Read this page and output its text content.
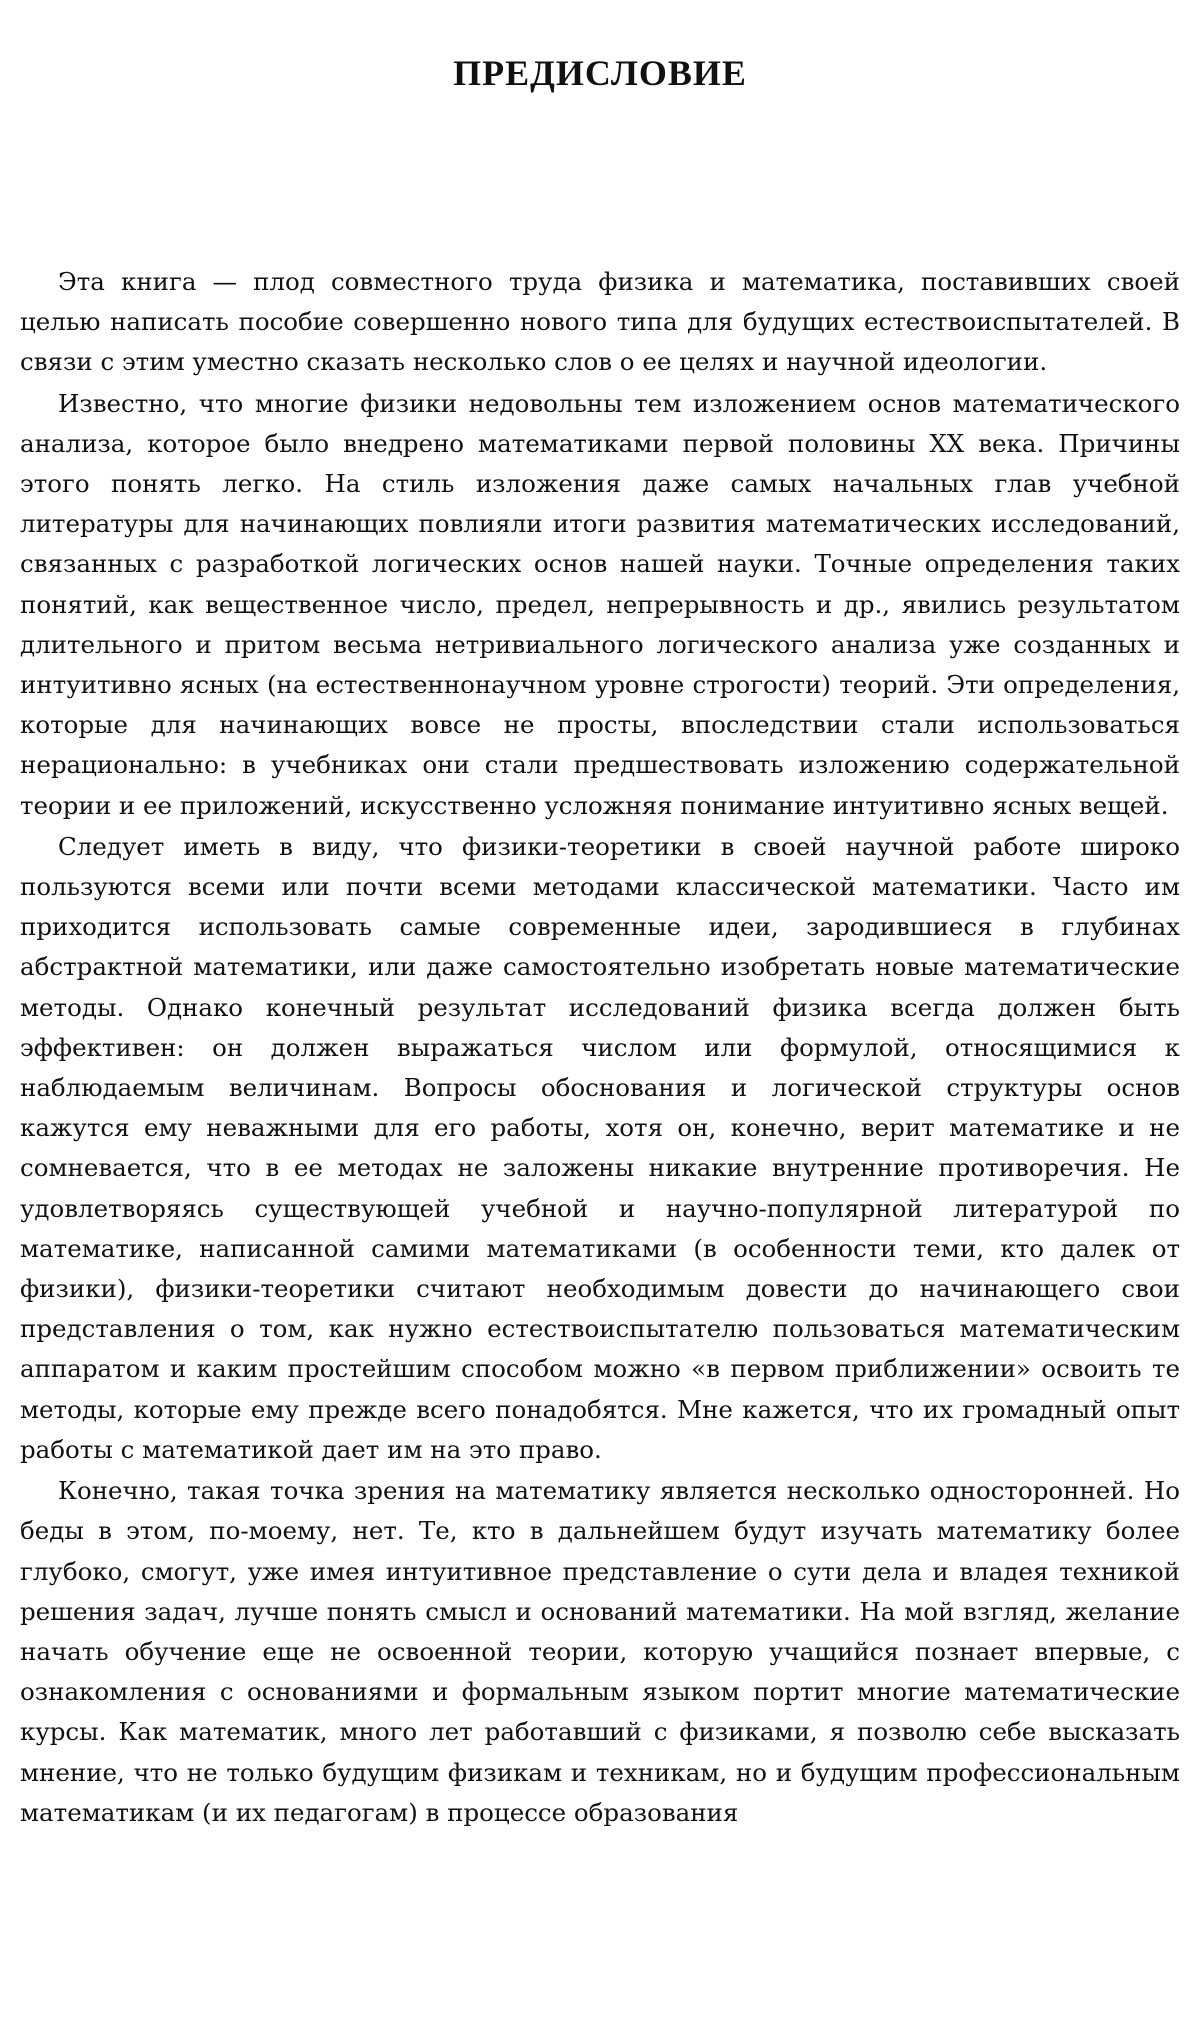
ПРЕДИСЛОВИЕ

Эта книга — плод совместного труда физика и математика, поставивших своей целью написать пособие совершенно нового типа для будущих естествоиспытателей. В связи с этим уместно сказать несколько слов о ее целях и научной идеологии.

Известно, что многие физики недовольны тем изложением основ математического анализа, которое было внедрено математиками первой половины XX века. Причины этого понять легко. На стиль изложения даже самых начальных глав учебной литературы для начинающих повлияли итоги развития математических исследований, связанных с разработкой логических основ нашей науки. Точные определения таких понятий, как вещественное число, предел, непрерывность и др., явились результатом длительного и притом весьма нетривиального логического анализа уже созданных и интуитивно ясных (на естественнонаучном уровне строгости) теорий. Эти определения, которые для начинающих вовсе не просты, впоследствии стали использоваться нерационально: в учебниках они стали предшествовать изложению содержательной теории и ее приложений, искусственно усложняя понимание интуитивно ясных вещей.

Следует иметь в виду, что физики-теоретики в своей научной работе широко пользуются всеми или почти всеми методами классической математики. Часто им приходится использовать самые современные идеи, зародившиеся в глубинах абстрактной математики, или даже самостоятельно изобретать новые математические методы. Однако конечный результат исследований физика всегда должен быть эффективен: он должен выражаться числом или формулой, относящимися к наблюдаемым величинам. Вопросы обоснования и логической структуры основ кажутся ему неважными для его работы, хотя он, конечно, верит математике и не сомневается, что в ее методах не заложены никакие внутренние противоречия. Не удовлетворяясь существующей учебной и научно-популярной литературой по математике, написанной самими математиками (в особенности теми, кто далек от физики), физики-теоретики считают необходимым довести до начинающего свои представления о том, как нужно естествоиспытателю пользоваться математическим аппаратом и каким простейшим способом можно «в первом приближении» освоить те методы, которые ему прежде всего понадобятся. Мне кажется, что их громадный опыт работы с математикой дает им на это право.

Конечно, такая точка зрения на математику является несколько односторонней. Но беды в этом, по-моему, нет. Те, кто в дальнейшем будут изучать математику более глубоко, смогут, уже имея интуитивное представление о сути дела и владея техникой решения задач, лучше понять смысл и оснований математики. На мой взгляд, желание начать обучение еще не освоенной теории, которую учащийся познает впервые, с ознакомления с основаниями и формальным языком портит многие математические курсы. Как математик, много лет работавший с физиками, я позволю себе высказать мнение, что не только будущим физикам и техникам, но и будущим профессиональным математикам (и их педагогам) в процессе образования
